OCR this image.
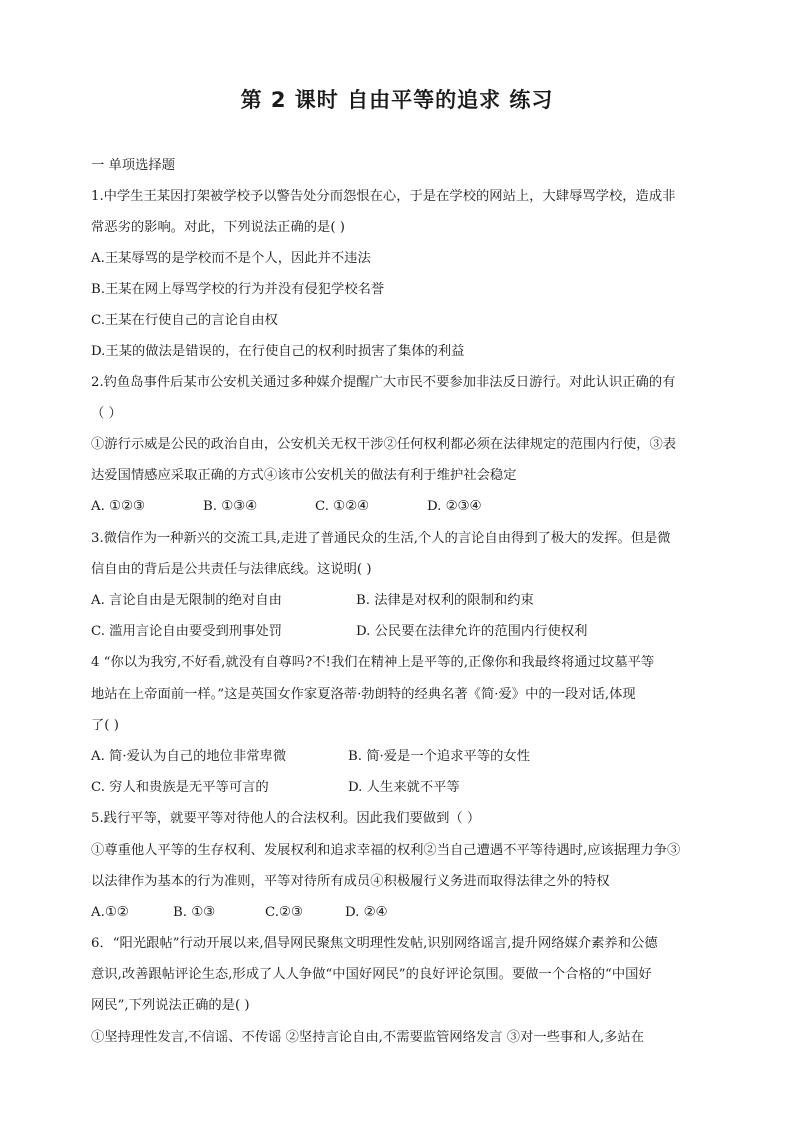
第 2 课时 自由平等的追求 练习
一 单项选择题
1.中学生王某因打架被学校予以警告处分而怨恨在心，于是在学校的网站上，大肆辱骂学校，造成非
常恶劣的影响。对此，下列说法正确的是( )
A.王某辱骂的是学校而不是个人，因此并不违法
B.王某在网上辱骂学校的行为并没有侵犯学校名誉
C.王某在行使自己的言论自由权
D.王某的做法是错误的，在行使自己的权利时损害了集体的利益
2.钓鱼岛事件后某市公安机关通过多种媒介提醒广大市民不要参加非法反日游行。对此认识正确的有
（ ）
①游行示威是公民的政治自由，公安机关无权干涉②任何权利都必须在法律规定的范围内行使，③表
达爱国情感应采取正确的方式④该市公安机关的做法有利于维护社会稳定
A. ①②③	B. ①③④	C. ①②④	D. ②③④
3.微信作为一种新兴的交流工具,走进了普通民众的生活,个人的言论自由得到了极大的发挥。但是微
信自由的背后是公共责任与法律底线。这说明( )
A. 言论自由是无限制的绝对自由	B. 法律是对权利的限制和约束
C. 滥用言论自由要受到刑事处罚	D. 公民要在法律允许的范围内行使权利
4 “你以为我穷,不好看,就没有自尊吗?不!我们在精神上是平等的,正像你和我最终将通过坟墓平等
地站在上帝面前一样。”这是英国女作家夏洛蒂·勃朗特的经典名著《简·爱》中的一段对话,体现
了( )
A. 简·爱认为自己的地位非常卑微	B. 简·爱是一个追求平等的女性
C. 穷人和贵族是无平等可言的	D. 人生来就不平等
5.践行平等，就要平等对待他人的合法权利。因此我们要做到（ ）
①尊重他人平等的生存权利、发展权利和追求幸福的权利②当自己遭遇不平等待遇时,应该据理力争③
以法律作为基本的行为准则，平等对待所有成员④积极履行义务进而取得法律之外的特权
A.①②	B. ①③	C.②③	D. ②④
6．“阳光跟帖”行动开展以来,倡导网民聚焦文明理性发帖,识别网络谣言,提升网络媒介素养和公德
意识,改善跟帖评论生态,形成了人人争做“中国好网民”的良好评论氛围。要做一个合格的“中国好
网民”,下列说法正确的是( )
①坚持理性发言,不信谣、不传谣 ②坚持言论自由,不需要监管网络发言 ③对一些事和人,多站在
